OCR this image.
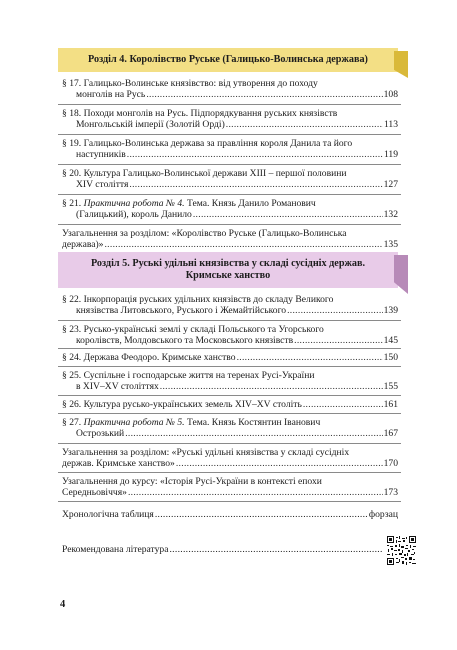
Розділ 4. Королівство Руське (Галицько-Волинська держава)
§ 17. Галицько-Волинське князівство: від утворення до походу
монголів на Русь .....	108
§ 18. Походи монголів на Русь. Підпорядкування руських князівств
Монгольській імперії (Золотій Орді) .....	113
§ 19. Галицько-Волинська держава за правління короля Данила та його
наступників .....	119
§ 20. Культура Галицько-Волинської держави XIII – першої половини
XIV століття .....	127
§ 21. Практична робота № 4. Тема. Князь Данило Романович
(Галицький), король Данило .....	132
Узагальнення за розділом: «Королівство Руське (Галицько-Волинська
держава)» .....	135
Розділ 5. Руські удільні князівства у складі сусідніх держав.
Кримське ханство
§ 22. Інкорпорація руських удільних князівств до складу Великого
князівства Литовського, Руського і Жемайтійського .....	139
§ 23. Русько-українські землі у складі Польського та Угорського
королівств, Молдовського та Московського князівств .....	145
§ 24. Держава Феодоро. Кримське ханство .....	150
§ 25. Суспільне і господарське життя на теренах Русі-України
в XIV–XV століттях .....	155
§ 26. Культура русько-українських земель XIV–XV століть .....	161
§ 27. Практична робота № 5. Тема. Князь Костянтин Іванович
Острозький .....	167
Узагальнення за розділом: «Руські удільні князівства у складі сусідніх
держав. Кримське ханство» .....	170
Узагальнення до курсу: «Історія Русі-України в контексті епохи
Середньовіччя» .....	173
Хронологічна таблиця .....	форзац
Рекомендована література
.....
4
